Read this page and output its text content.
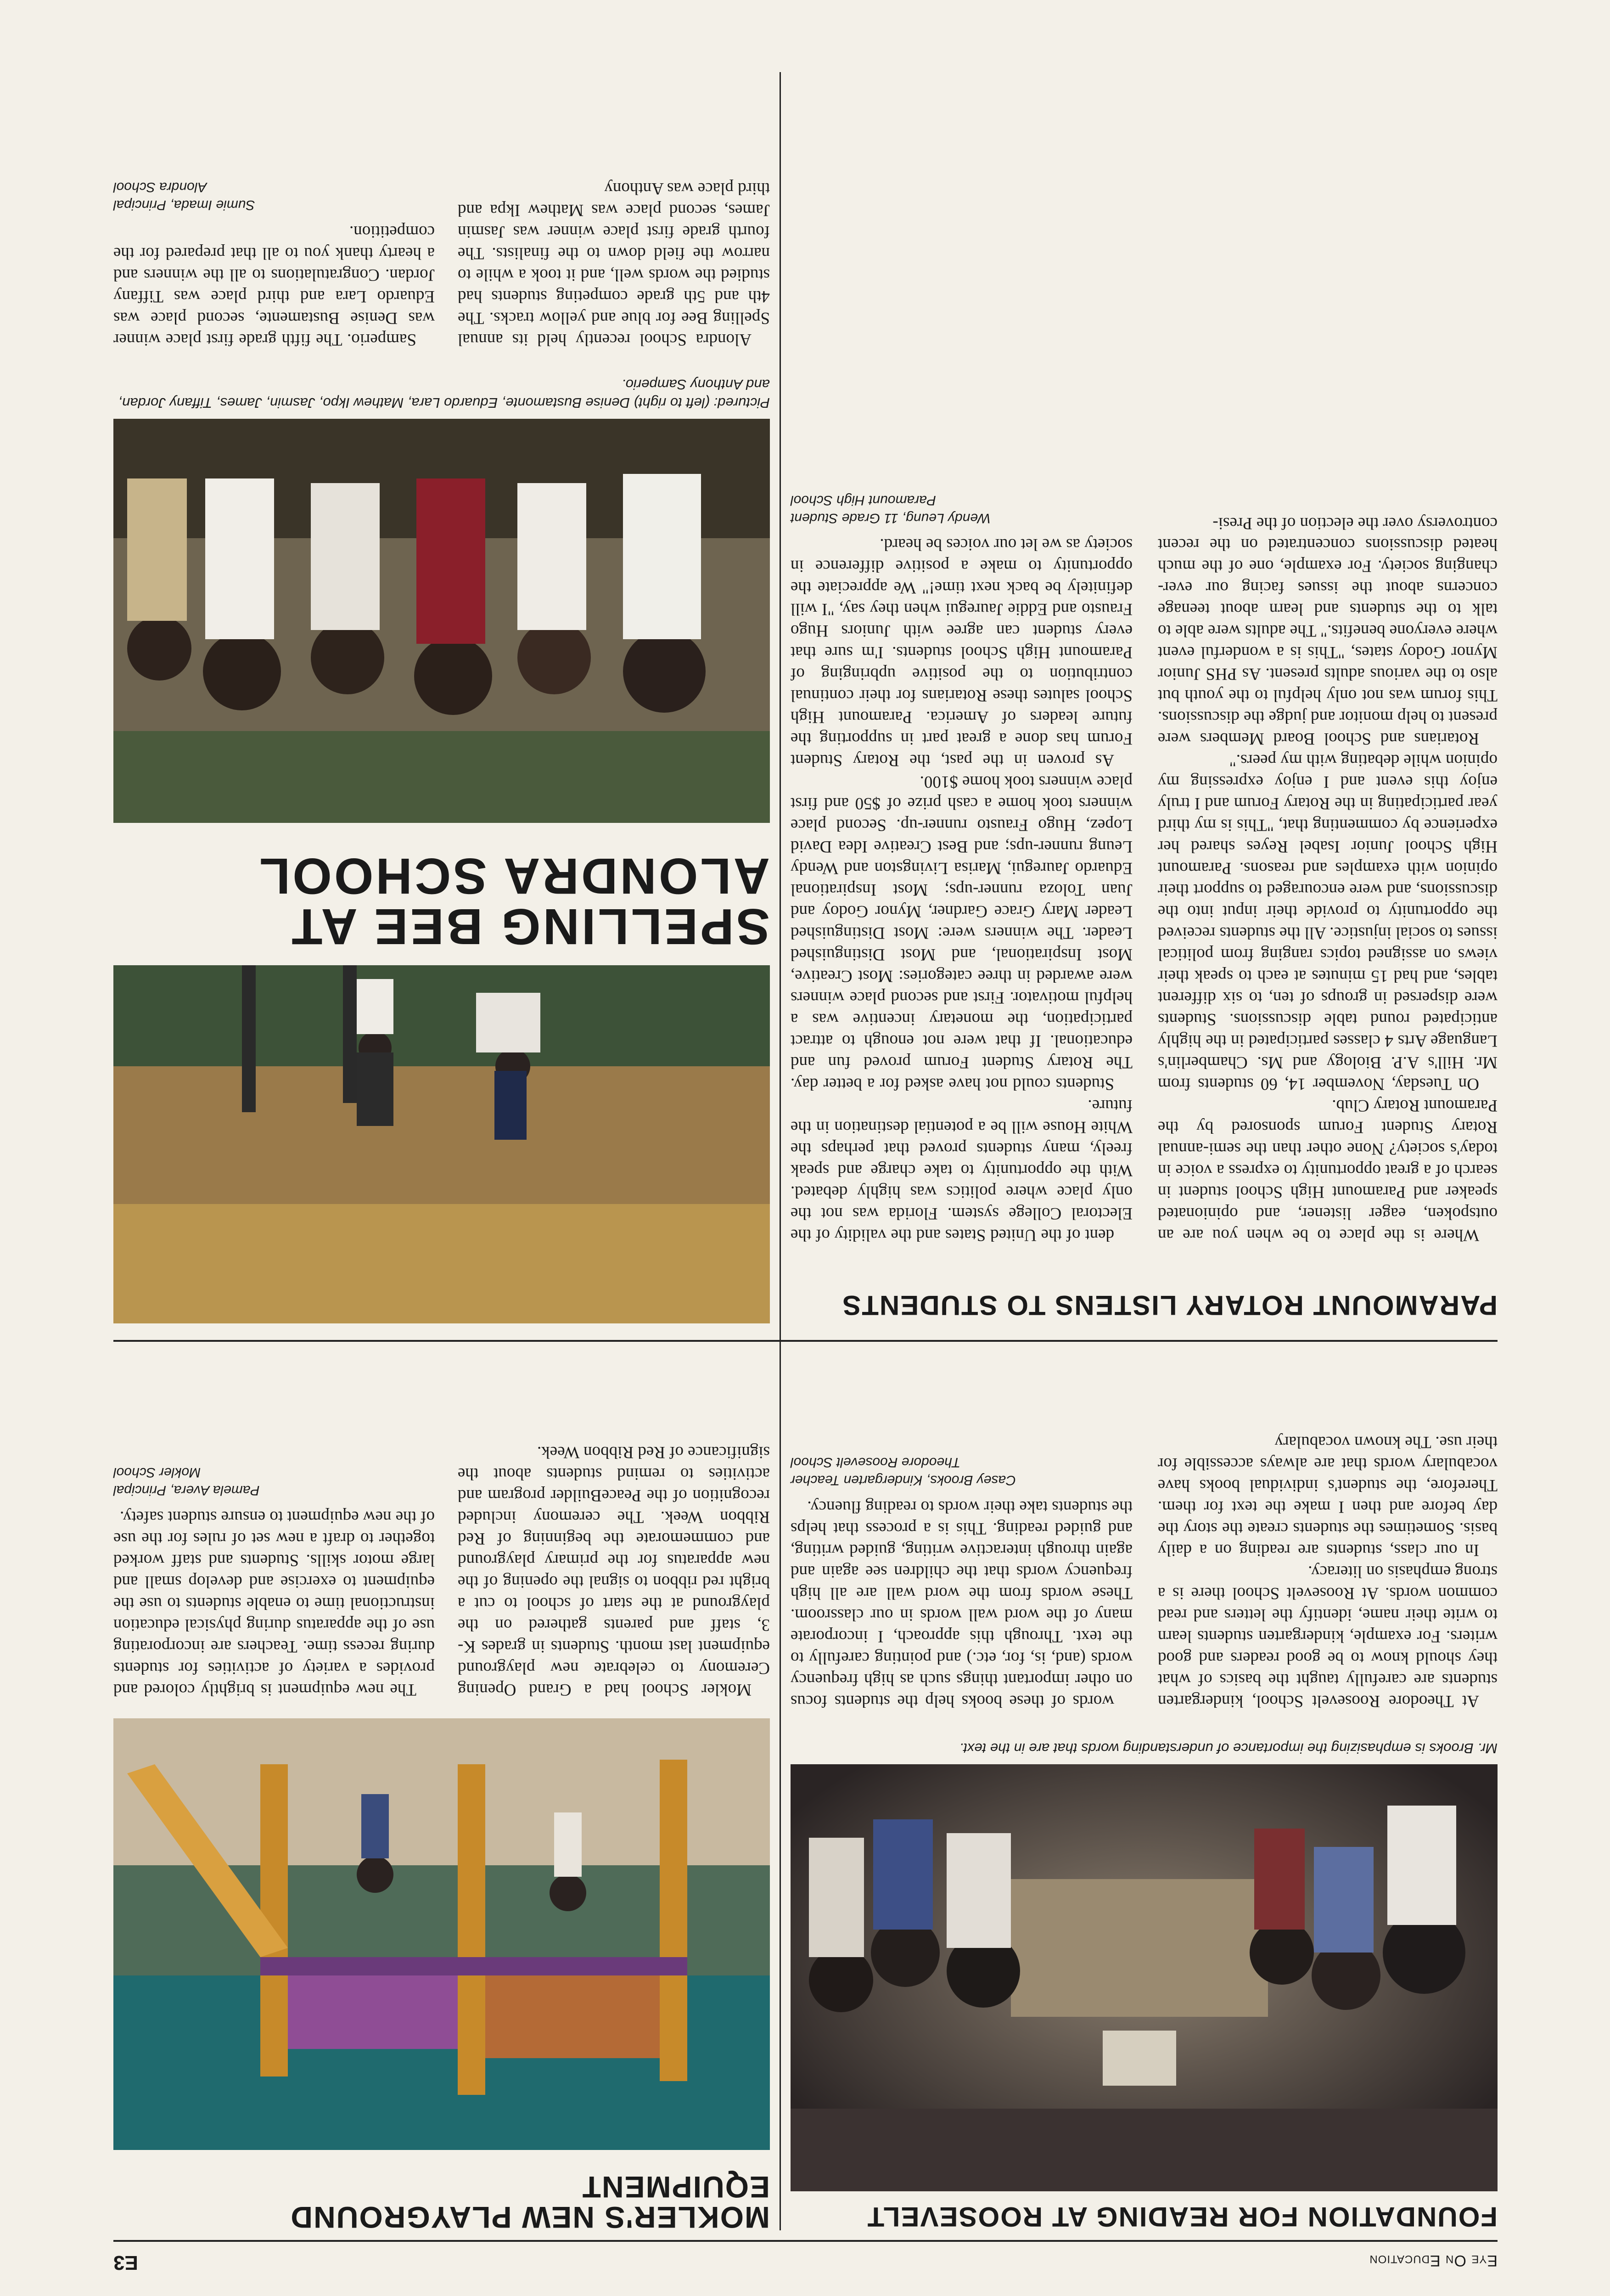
Eye On Education
E3
FOUNDATION FOR READING AT ROOSEVELT
Mr. Brooks is emphasizing the importance of understanding words that are in the text.

At Theodore Roosevelt School, kindergarten students are carefully taught the basics of what they should know to be good readers and good writers. For example, kindergarten students learn to write their name, identify the letters and read common words. At Roosevelt School there is a strong emphasis on literacy.

In our class, students are reading on a daily basis. Sometimes the students create the story the day before and then I make the text for them. Therefore, the student's individual books have vocabulary words that are always accessible for their use. The known vocabulary

words of these books help the students focus on other important things such as high frequency words (and, is, for, etc.) and pointing carefully to the text. Through this approach, I incorporate many of the word wall words in our classroom. These words from the word wall are all high frequency words that the children see again and again through interactive writing, guided writing, and guided reading. This is a process that helps the students take their words to reading fluency.

Casey Brooks, Kindergarten Teacher
Theodore Roosevelt School
MOKLER'S NEW PLAYGROUND EQUIPMENT

Mokler School had a Grand Opening Ceremony to celebrate new playground equipment last month. Students in grades K-3, staff and parents gathered on the playground at the start of school to cut a bright red ribbon to signal the opening of the new apparatus for the primary playground and commemorate the beginning of Red Ribbon Week. The ceremony included recognition of the PeaceBuilder program and activities to remind students about the significance of Red Ribbon Week.

The new equipment is brightly colored and provides a variety of activities for students during recess time. Teachers are incorporating use of the apparatus during physical education instructional time to enable students to use the equipment to exercise and develop small and large motor skills. Students and staff worked together to draft a new set of rules for the use of the new equipment to ensure student safety.

Pamela Avera, Principal
Mokler School
PARAMOUNT ROTARY LISTENS TO STUDENTS

Where is the place to be when you are an outspoken, eager listener, and opinionated speaker and Paramount High School student in search of a great opportunity to express a voice in today's society? None other than the semi-annual Rotary Student Forum sponsored by the Paramount Rotary Club.

On Tuesday, November 14, 60 students from Mr. Hill's A.P. Biology and Ms. Chamberlin's Language Arts 4 classes participated in the highly anticipated round table discussions. Students were dispersed in groups of ten, to six different tables, and had 15 minutes at each to speak their views on assigned topics ranging from political issues to social injustice. All the students received the opportunity to provide their input into the discussions, and were encouraged to support their opinion with examples and reasons. Paramount High School Junior Isabel Reyes shared her experience by commenting that, "This is my third year participating in the Rotary Forum and I truly enjoy this event and I enjoy expressing my opinion while debating with my peers."

Rotarians and School Board Members were present to help monitor and judge the discussions. This forum was not only helpful to the youth but also to the various adults present. As PHS Junior Mynor Godoy states, "This is a wonderful event where everyone benefits." The adults were able to talk to the students and learn about teenage concerns about the issues facing our ever-changing society. For example, one of the much heated discussions concentrated on the recent controversy over the election of the Presi-

dent of the United States and the validity of the Electoral College system. Florida was not the only place where politics was highly debated. With the opportunity to take charge and speak freely, many students proved that perhaps the White House will be a potential destination in the future.

Students could not have asked for a better day. The Rotary Student Forum proved fun and educational. If that were not enough to attract participation, the monetary incentive was a helpful motivator. First and second place winners were awarded in three categories: Most Creative, Most Inspirational, and Most Distinguished Leader. The winners were: Most Distinguished Leader Mary Grace Gardner, Mynor Godoy and Juan Toloza runner-ups; Most Inspirational Eduardo Jauregui, Marisa Livingston and Wendy Leung runner-ups; and Best Creative Idea David Lopez, Hugo Frausto runner-up. Second place winners took home a cash prize of $50 and first place winners took home $100.

As proven in the past, the Rotary Student Forum has done a great part in supporting the future leaders of America. Paramount High School salutes these Rotarians for their continual contribution to the positive upbringing of Paramount High School students. I'm sure that every student can agree with Juniors Hugo Frausto and Eddie Jauregui when they say, "I will definitely be back next time!" We appreciate the opportunity to make a positive difference in society as we let our voices be heard.

Wendy Leung, 11 Grade Student
Paramount High School
SPELLING BEE AT ALONDRA SCHOOL
Pictured: (left to right) Denise Bustamonte, Eduardo Lara, Mathew Ikpo, Jasmin, James, Tiffany Jordan, and Anthony Samperio.

Alondra School recently held its annual Spelling Bee for blue and yellow tracks. The 4th and 5th grade competing students had studied the words well, and it took a while to narrow the field down to the finalists. The fourth grade first place winner was Jasmin James, second place was Mathew Ikpa and third place was Anthony

Samperio. The fifth grade first place winner was Denise Bustamente, second place was Eduardo Lara and third place was Tiffany Jordan. Congratulations to all the winners and a hearty thank you to all that prepared for the competition.

Sumie Imada, Principal
Alondra School
